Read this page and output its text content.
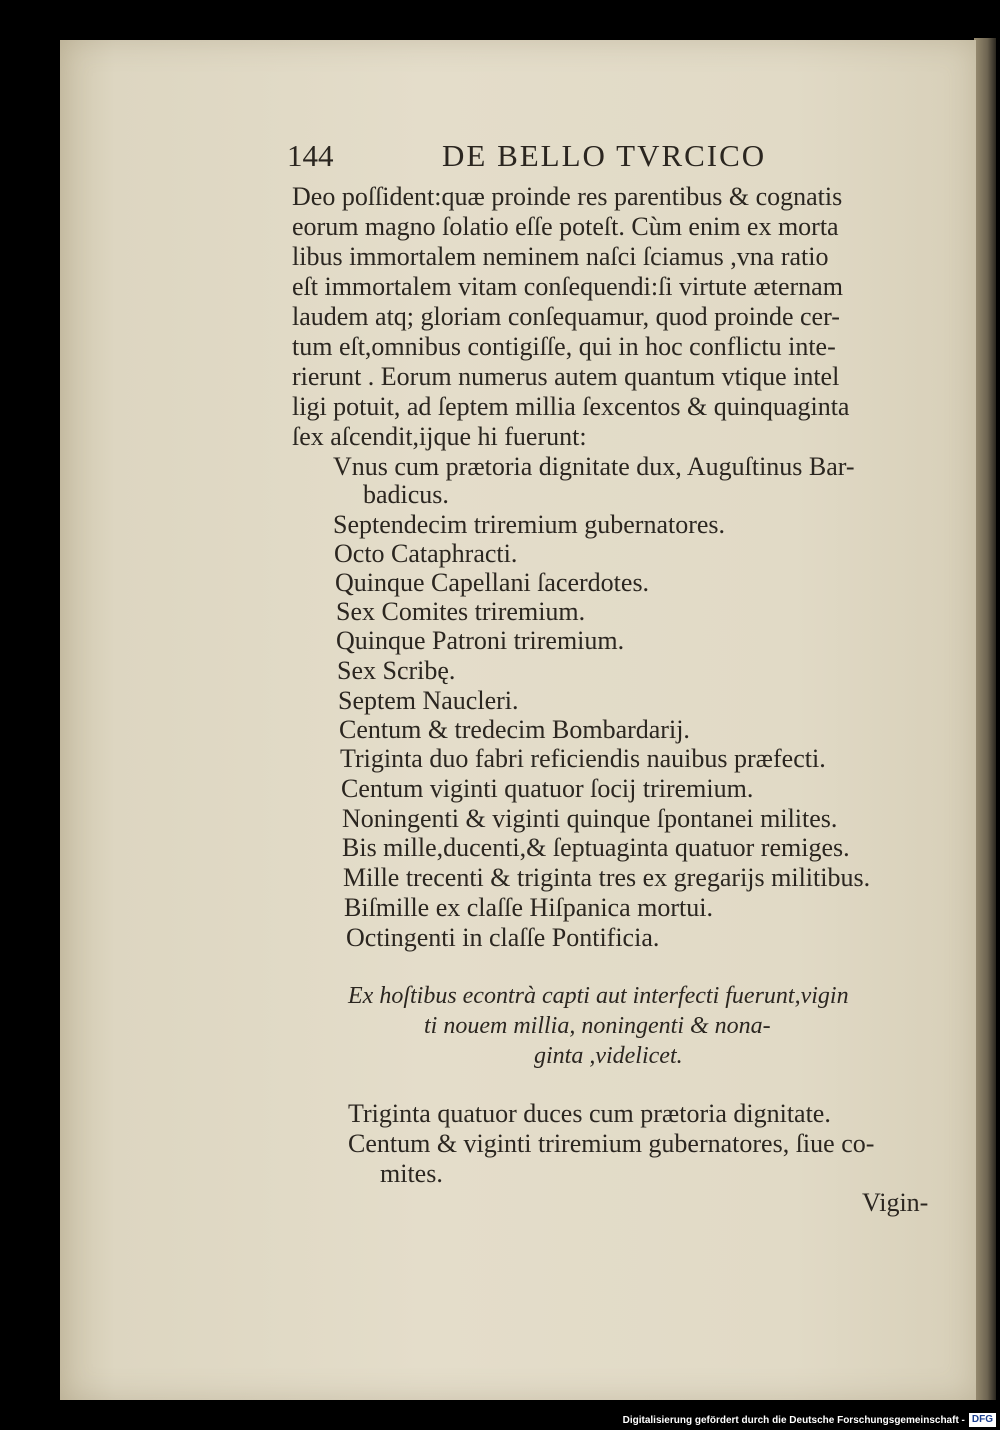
144	DE BELLO TVRCICO
Deo poſſident:quæ proinde res parentibus & cognatis
eorum magno ſolatio eſſe poteſt. Cùm enim ex morta
libus immortalem neminem naſci ſciamus ,vna ratio
eſt immortalem vitam conſequendi:ſi virtute æternam
laudem atq; gloriam conſequamur, quod proinde cer-
tum eſt,omnibus contigiſſe, qui in hoc conflictu inte-
rierunt . Eorum numerus autem quantum vtique intel
ligi potuit, ad ſeptem millia ſexcentos & quinquaginta
ſex aſcendit,ijque hi fuerunt:
Vnus cum prætoria dignitate dux, Auguſtinus Bar-
badicus.
Septendecim triremium gubernatores.
Octo Cataphracti.
Quinque Capellani ſacerdotes.
Sex Comites triremium.
Quinque Patroni triremium.
Sex Scribę.
Septem Naucleri.
Centum & tredecim Bombardarij.
Triginta duo fabri reficiendis nauibus præfecti.
Centum viginti quatuor ſocij triremium.
Noningenti & viginti quinque ſpontanei milites.
Bis mille,ducenti,& ſeptuaginta quatuor remiges.
Mille trecenti & triginta tres ex gregarijs militibus.
Biſmille ex claſſe Hiſpanica mortui.
Octingenti in claſſe Pontificia.
Ex hoſtibus econtrà capti aut interfecti fuerunt,vigin
ti nouem millia, noningenti & nona-
ginta ,videlicet.
Triginta quatuor duces cum prætoria dignitate.
Centum & viginti triremium gubernatores, ſiue co-
mites.
Vigin-
Digitalisierung gefördert durch die Deutsche Forschungsgemeinschaft - DFG
